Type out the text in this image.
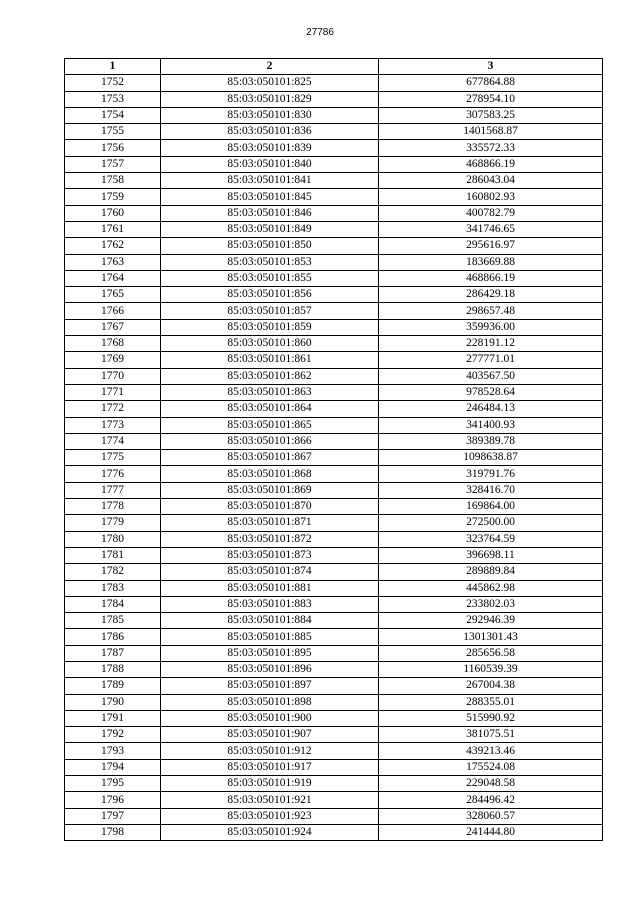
27786
1	2	3
1752	85:03:050101:825	677864.88
1753	85:03:050101:829	278954.10
1754	85:03:050101:830	307583.25
1755	85:03:050101:836	1401568.87
1756	85:03:050101:839	335572.33
1757	85:03:050101:840	468866.19
1758	85:03:050101:841	286043.04
1759	85:03:050101:845	160802.93
1760	85:03:050101:846	400782.79
1761	85:03:050101:849	341746.65
1762	85:03:050101:850	295616.97
1763	85:03:050101:853	183669.88
1764	85:03:050101:855	468866.19
1765	85:03:050101:856	286429.18
1766	85:03:050101:857	298657.48
1767	85:03:050101:859	359936.00
1768	85:03:050101:860	228191.12
1769	85:03:050101:861	277771.01
1770	85:03:050101:862	403567.50
1771	85:03:050101:863	978528.64
1772	85:03:050101:864	246484.13
1773	85:03:050101:865	341400.93
1774	85:03:050101:866	389389.78
1775	85:03:050101:867	1098638.87
1776	85:03:050101:868	319791.76
1777	85:03:050101:869	328416.70
1778	85:03:050101:870	169864.00
1779	85:03:050101:871	272500.00
1780	85:03:050101:872	323764.59
1781	85:03:050101:873	396698.11
1782	85:03:050101:874	289889.84
1783	85:03:050101:881	445862.98
1784	85:03:050101:883	233802.03
1785	85:03:050101:884	292946.39
1786	85:03:050101:885	1301301.43
1787	85:03:050101:895	285656.58
1788	85:03:050101:896	1160539.39
1789	85:03:050101:897	267004.38
1790	85:03:050101:898	288355.01
1791	85:03:050101:900	515990.92
1792	85:03:050101:907	381075.51
1793	85:03:050101:912	439213.46
1794	85:03:050101:917	175524.08
1795	85:03:050101:919	229048.58
1796	85:03:050101:921	284496.42
1797	85:03:050101:923	328060.57
1798	85:03:050101:924	241444.80
